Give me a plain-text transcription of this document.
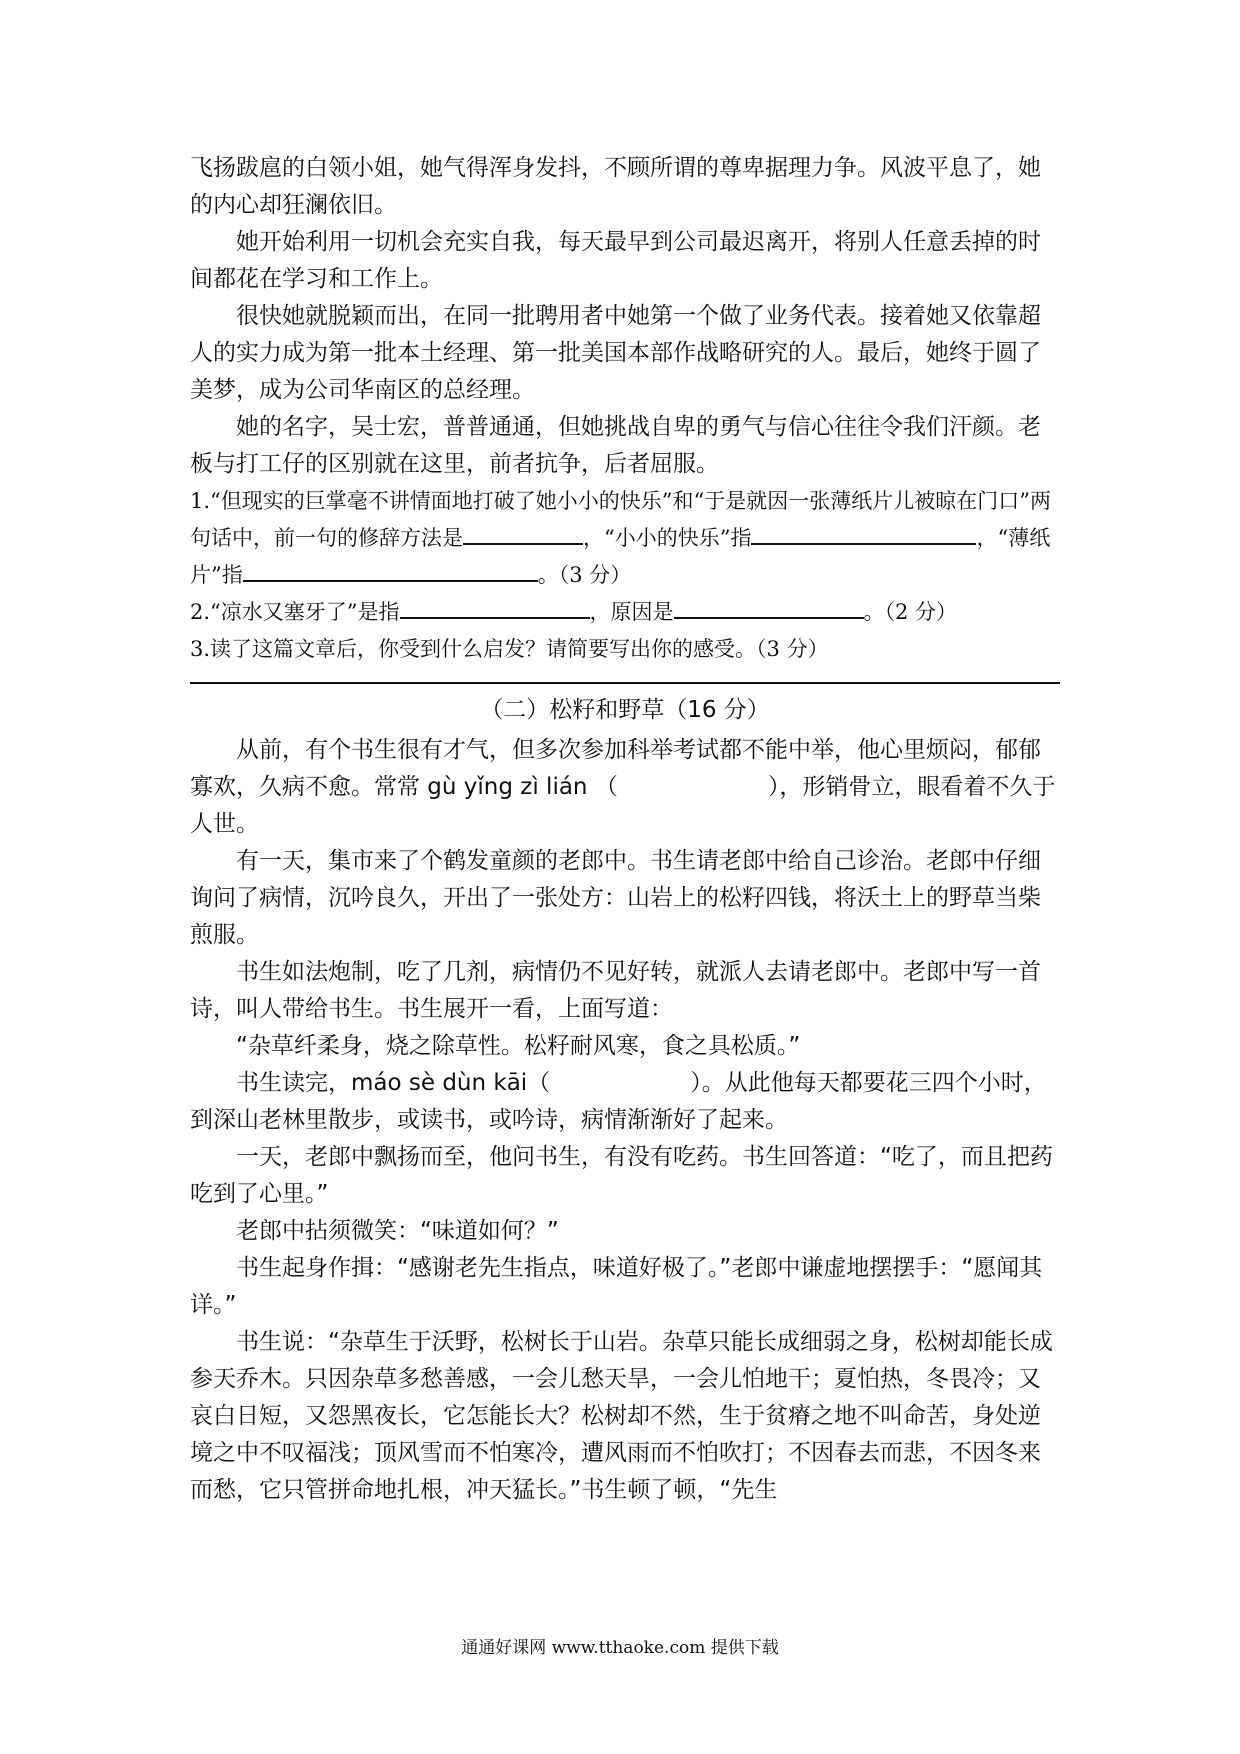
飞扬跋扈的白领小姐，她气得浑身发抖，不顾所谓的尊卑据理力争。风波平息了，她的内心却狂澜依旧。

她开始利用一切机会充实自我，每天最早到公司最迟离开，将别人任意丢掉的时间都花在学习和工作上。

很快她就脱颖而出，在同一批聘用者中她第一个做了业务代表。接着她又依靠超人的实力成为第一批本土经理、第一批美国本部作战略研究的人。最后，她终于圆了美梦，成为公司华南区的总经理。

她的名字，吴士宏，普普通通，但她挑战自卑的勇气与信心往往令我们汗颜。老板与打工仔的区别就在这里，前者抗争，后者屈服。

1.“但现实的巨掌毫不讲情面地打破了她小小的快乐”和“于是就因一张薄纸片儿被晾在门口”两句话中，前一句的修辞方法是	，“小小的快乐”指	，“薄纸片”指	。（3 分）

2.“凉水又塞牙了”是指	，原因是	。（2 分）

3.读了这篇文章后，你受到什么启发？请简要写出你的感受。（3 分）

（二）松籽和野草（16 分）

从前，有个书生很有才气，但多次参加科举考试都不能中举，他心里烦闷，郁郁寡欢，久病不愈。常常 gù yǐng zì lián （	），形销骨立，眼看着不久于人世。

有一天，集市来了个鹤发童颜的老郎中。书生请老郎中给自己诊治。老郎中仔细询问了病情，沉吟良久，开出了一张处方：山岩上的松籽四钱，将沃土上的野草当柴煎服。

书生如法炮制，吃了几剂，病情仍不见好转，就派人去请老郎中。老郎中写一首诗，叫人带给书生。书生展开一看，上面写道：

“杂草纤柔身，烧之除草性。松籽耐风寒，食之具松质。”

书生读完，máo sè dùn kāi（	）。从此他每天都要花三四个小时，到深山老林里散步，或读书，或吟诗，病情渐渐好了起来。

一天，老郎中飘扬而至，他问书生，有没有吃药。书生回答道：“吃了，而且把药吃到了心里。”

老郎中拈须微笑：“味道如何？”

书生起身作揖：“感谢老先生指点，味道好极了。”老郎中谦虚地摆摆手：“愿闻其详。”

书生说：“杂草生于沃野，松树长于山岩。杂草只能长成细弱之身，松树却能长成参天乔木。只因杂草多愁善感，一会儿愁天旱，一会儿怕地干；夏怕热，冬畏冷；又哀白日短，又怨黑夜长，它怎能长大？松树却不然，生于贫瘠之地不叫命苦，身处逆境之中不叹福浅；顶风雪而不怕寒冷，遭风雨而不怕吹打；不因春去而悲，不因冬来而愁，它只管拼命地扎根，冲天猛长。”书生顿了顿，“先生

通通好课网 www.tthaoke.com 提供下载
